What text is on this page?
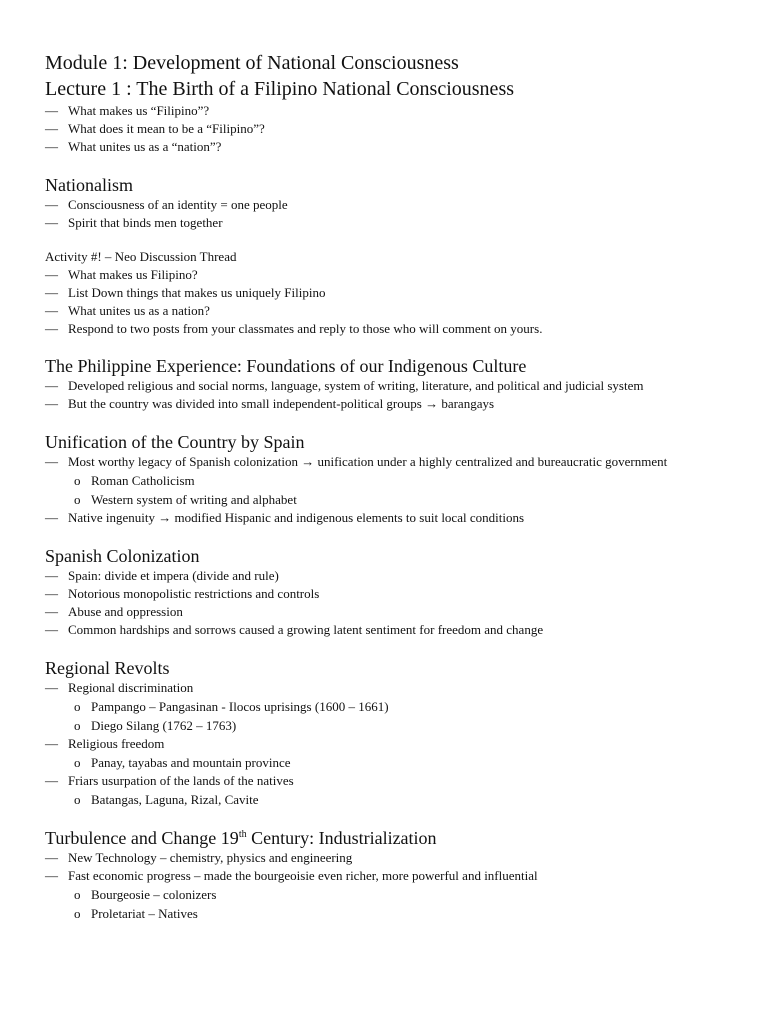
Module 1: Development of National Consciousness
Lecture 1 : The Birth of a Filipino National Consciousness
— What makes us “Filipino”?
— What does it mean to be a “Filipino”?
— What unites us as a “nation”?
Nationalism
— Consciousness of an identity = one people
— Spirit that binds men together

Activity #! – Neo Discussion Thread

— What makes us Filipino?
— List Down things that makes us uniquely Filipino
— What unites us as a nation?
— Respond to two posts from your classmates and reply to those who will comment on yours.
The Philippine Experience: Foundations of our Indigenous Culture
— Developed religious and social norms, language, system of writing, literature, and political and judicial system
— But the country was divided into small independent-political groups → barangays
Unification of the Country by Spain
— Most worthy legacy of Spanish colonization → unification under a highly centralized and bureaucratic government
o Roman Catholicism
o Western system of writing and alphabet
— Native ingenuity → modified Hispanic and indigenous elements to suit local conditions
Spanish Colonization
— Spain: divide et impera (divide and rule)
— Notorious monopolistic restrictions and controls
— Abuse and oppression
— Common hardships and sorrows caused a growing latent sentiment for freedom and change
Regional Revolts
— Regional discrimination
o Pampango – Pangasinan - Ilocos uprisings (1600 – 1661)
o Diego Silang (1762 – 1763)
— Religious freedom
o Panay, tayabas and mountain province
— Friars usurpation of the lands of the natives
o Batangas, Laguna, Rizal, Cavite
Turbulence and Change 19th Century: Industrialization
— New Technology – chemistry, physics and engineering
— Fast economic progress – made the bourgeoisie even richer, more powerful and influential
o Bourgeosie – colonizers
o Proletariat – Natives
